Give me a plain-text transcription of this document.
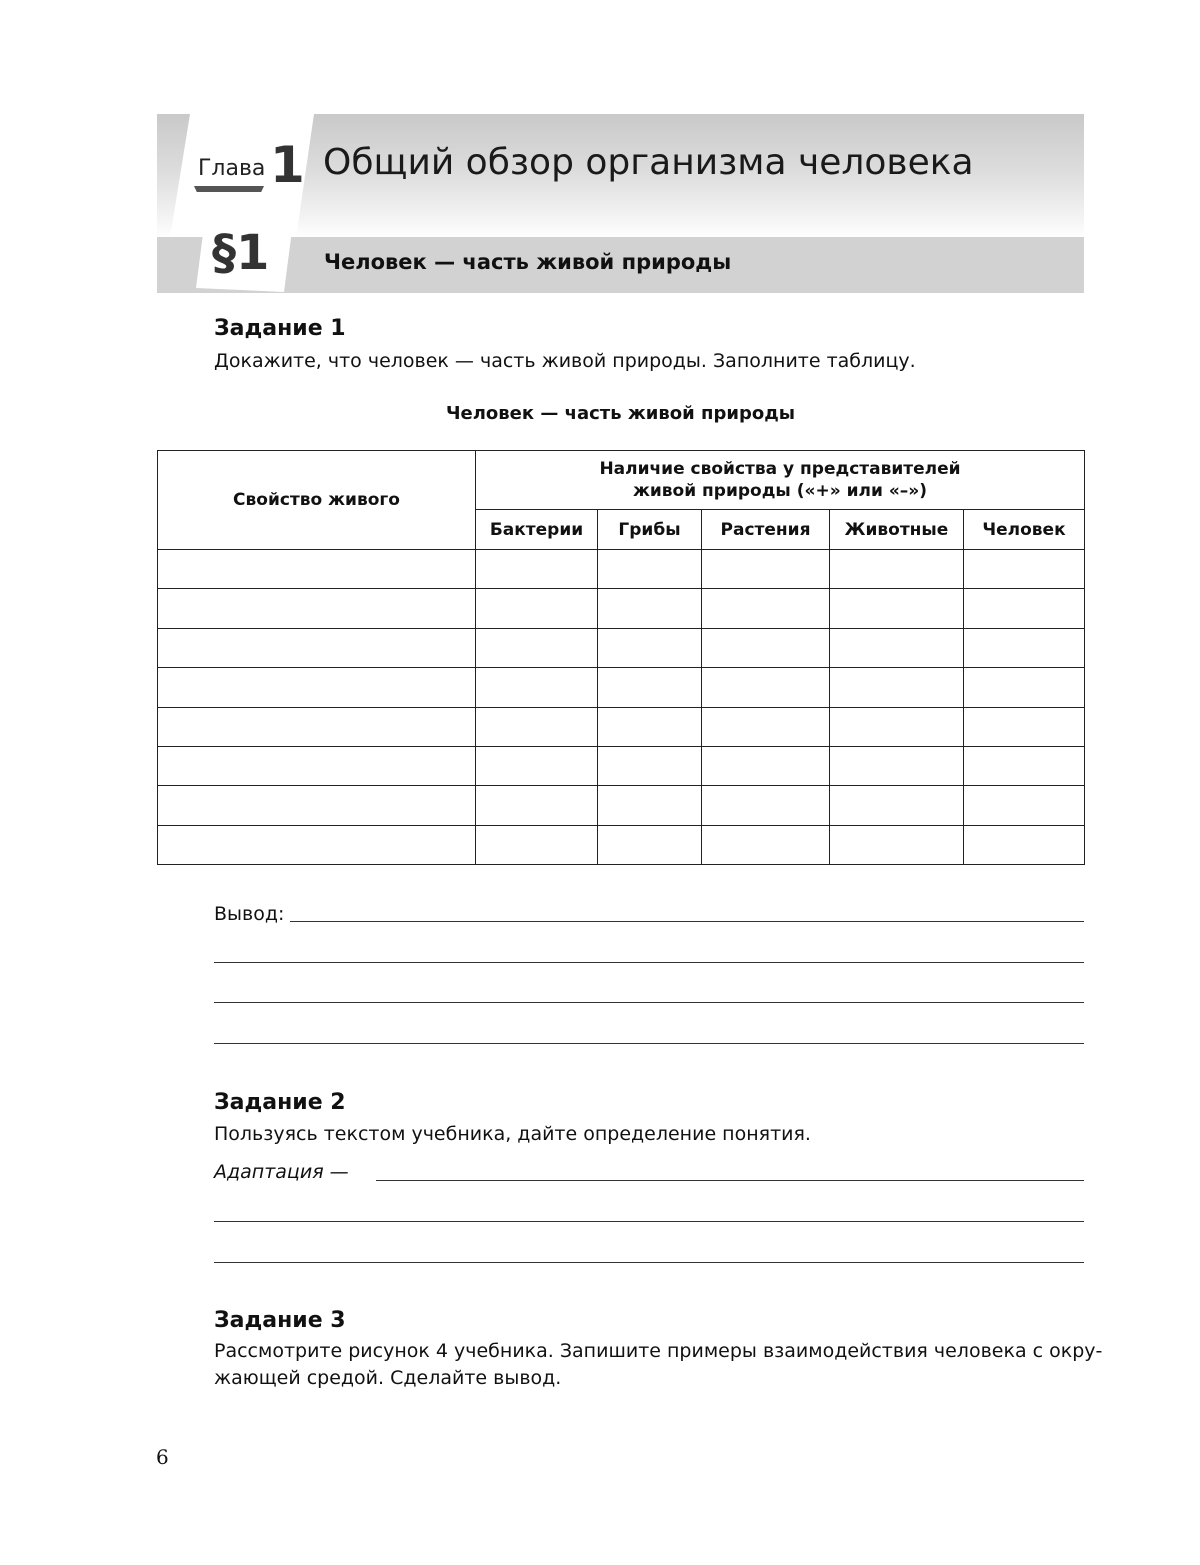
Глава 1 Общий обзор организма человека
§1	Человек — часть живой природы
Задание 1
Докажите, что человек — часть живой природы. Заполните таблицу.
Человек — часть живой природы
Свойство живого	Наличие свойства у представителей
живой природы («+» или «–»)				

	Бактерии	Грибы	Растения	Животные	Человек

Вывод:
Задание 2
Пользуясь текстом учебника, дайте определение понятия.
Адаптация —
Задание 3
Рассмотрите рисунок 4 учебника. Запишите примеры взаимодействия человека с окру-
жающей средой. Сделайте вывод.
6
